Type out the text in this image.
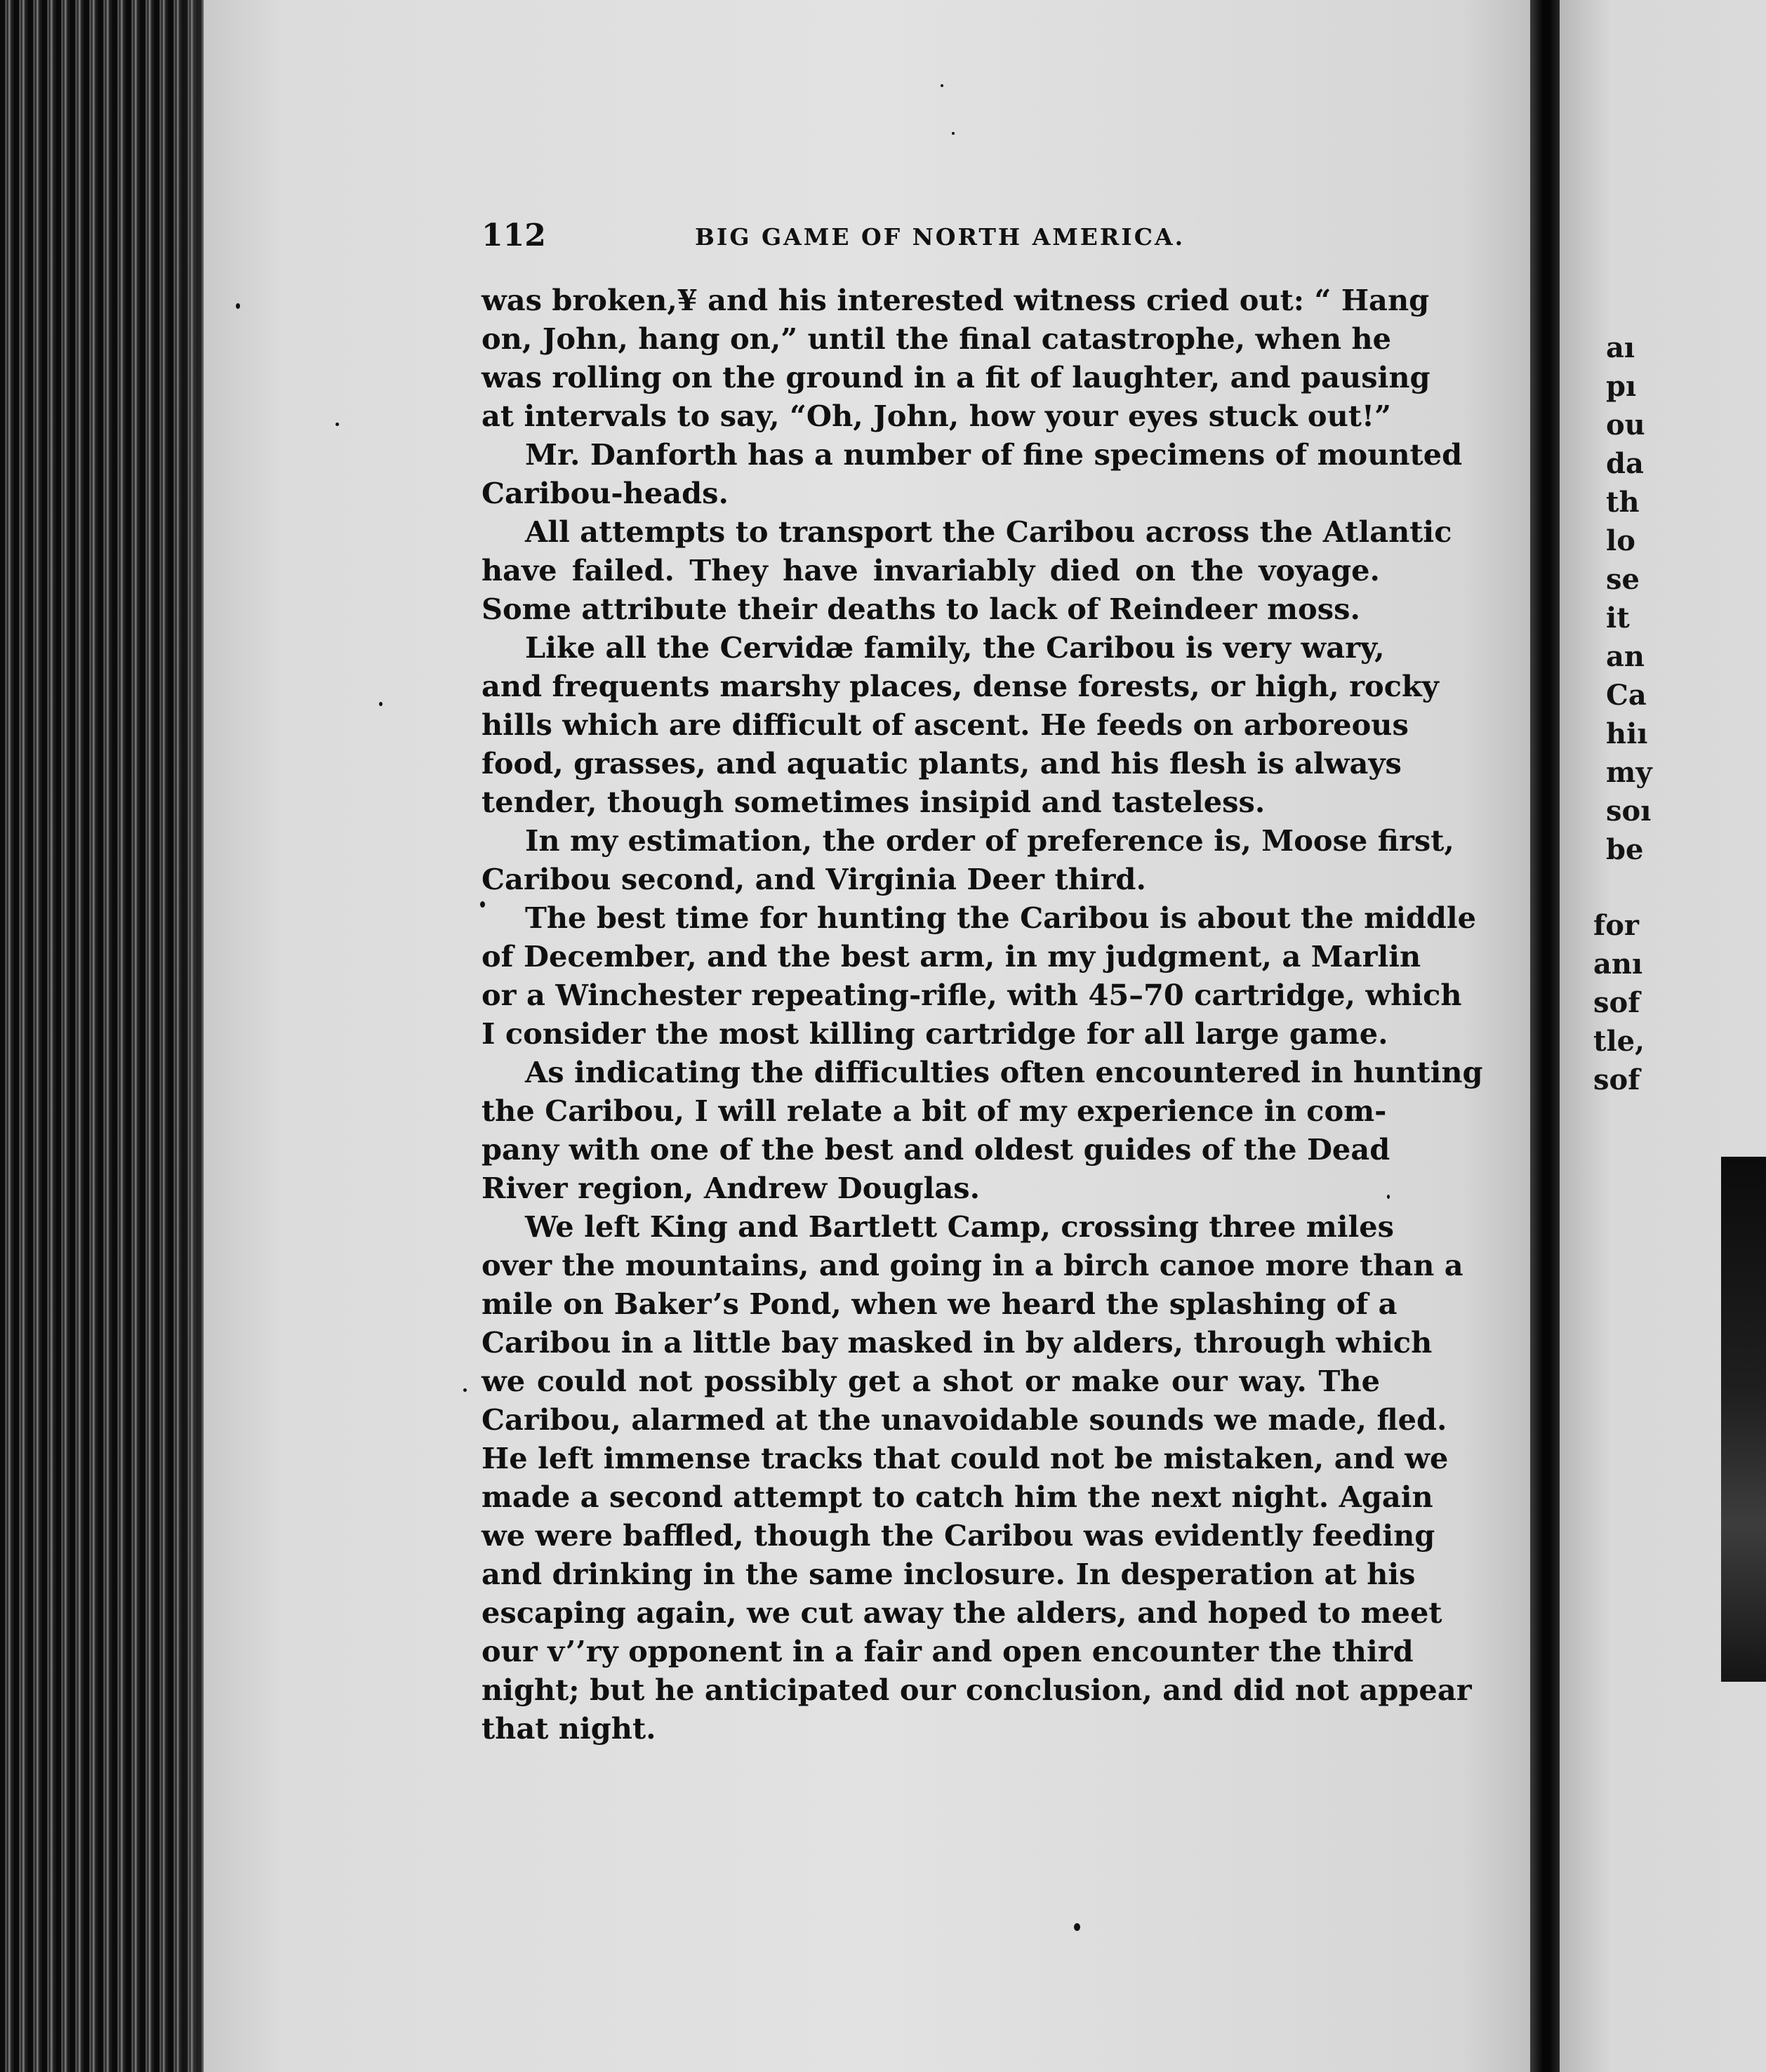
112	BIG GAME OF NORTH AMERICA.
was broken,¥ and his interested witness cried out: “ Hang
on, John, hang on,” until the final catastrophe, when he
was rolling on the ground in a fit of laughter, and pausing
at intervals to say, “Oh, John, how your eyes stuck out!”
Mr. Danforth has a number of fine specimens of mounted
Caribou-heads.
All attempts to transport the Caribou across the Atlantic
have failed. They have invariably died on the voyage.
Some attribute their deaths to lack of Reindeer moss.
Like all the Cervidæ family, the Caribou is very wary,
and frequents marshy places, dense forests, or high, rocky
hills which are difficult of ascent. He feeds on arboreous
food, grasses, and aquatic plants, and his flesh is always
tender, though sometimes insipid and tasteless.
In my estimation, the order of preference is, Moose first,
Caribou second, and Virginia Deer third.
The best time for hunting the Caribou is about the middle
of December, and the best arm, in my judgment, a Marlin
or a Winchester repeating-rifle, with 45–70 cartridge, which
I consider the most killing cartridge for all large game.
As indicating the difficulties often encountered in hunting
the Caribou, I will relate a bit of my experience in com-
pany with one of the best and oldest guides of the Dead
River region, Andrew Douglas.
We left King and Bartlett Camp, crossing three miles
over the mountains, and going in a birch canoe more than a
mile on Baker’s Pond, when we heard the splashing of a
Caribou in a little bay masked in by alders, through which
we could not possibly get a shot or make our way. The
Caribou, alarmed at the unavoidable sounds we made, fled.
He left immense tracks that could not be mistaken, and we
made a second attempt to catch him the next night. Again
we were baffled, though the Caribou was evidently feeding
and drinking in the same inclosure. In desperation at his
escaping again, we cut away the alders, and hoped to meet
our v’’ry opponent in a fair and open encounter the third
night; but he anticipated our conclusion, and did not appear
that night.
aı
pı
ou
da
th
lo
se
it
an
Ca
hiı
my
soı
be
for
anı
sof
tle,
sof
